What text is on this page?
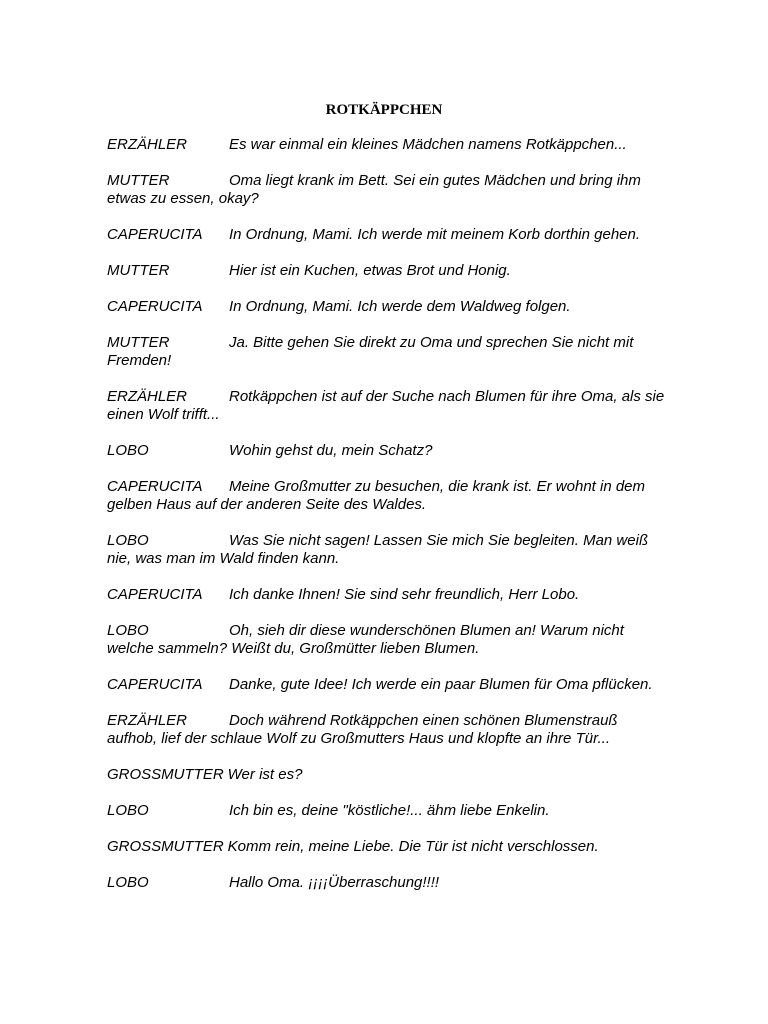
ROTKÄPPCHEN

ERZÄHLER	Es war einmal ein kleines Mädchen namens Rotkäppchen...

MUTTER	Oma liegt krank im Bett. Sei ein gutes Mädchen und bring ihm etwas zu essen, okay?

CAPERUCITA In Ordnung, Mami. Ich werde mit meinem Korb dorthin gehen.

MUTTER	Hier ist ein Kuchen, etwas Brot und Honig.

CAPERUCITA In Ordnung, Mami. Ich werde dem Waldweg folgen.

MUTTER	Ja. Bitte gehen Sie direkt zu Oma und sprechen Sie nicht mit Fremden!

ERZÄHLER	Rotkäppchen ist auf der Suche nach Blumen für ihre Oma, als sie einen Wolf trifft...

LOBO	Wohin gehst du, mein Schatz?

CAPERUCITA Meine Großmutter zu besuchen, die krank ist. Er wohnt in dem gelben Haus auf der anderen Seite des Waldes.

LOBO	Was Sie nicht sagen! Lassen Sie mich Sie begleiten. Man weiß nie, was man im Wald finden kann.

CAPERUCITA Ich danke Ihnen! Sie sind sehr freundlich, Herr Lobo.

LOBO	Oh, sieh dir diese wunderschönen Blumen an! Warum nicht welche sammeln? Weißt du, Großmütter lieben Blumen.

CAPERUCITA Danke, gute Idee! Ich werde ein paar Blumen für Oma pflücken.

ERZÄHLER	Doch während Rotkäppchen einen schönen Blumenstrauß aufhob, lief der schlaue Wolf zu Großmutters Haus und klopfte an ihre Tür...

GROSSMUTTER Wer ist es?

LOBO	Ich bin es, deine "köstliche!... ähm liebe Enkelin.

GROSSMUTTER Komm rein, meine Liebe. Die Tür ist nicht verschlossen.

LOBO	Hallo Oma. ¡¡¡¡Überraschung!!!!
